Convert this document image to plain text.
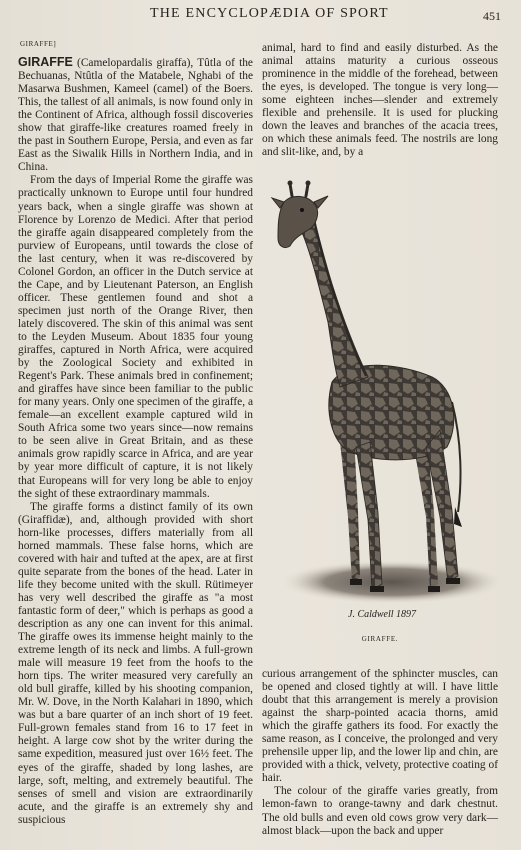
THE ENCYCLOPÆDIA OF SPORT	451
GIRAFFE]

GIRAFFE (Camelopardalis giraffa), Tûtla of the Bechuanas, Ntûtla of the Matabele, Nghabi of the Masarwa Bushmen, Kameel (camel) of the Boers. This, the tallest of all animals, is now found only in the Continent of Africa, although fossil discoveries show that giraffe-like creatures roamed freely in the past in Southern Europe, Persia, and even as far East as the Siwalik Hills in Northern India, and in China.

From the days of Imperial Rome the giraffe was practically unknown to Europe until four hundred years back, when a single giraffe was shown at Florence by Lorenzo de Medici. After that period the giraffe again disappeared completely from the purview of Europeans, until towards the close of the last century, when it was re-discovered by Colonel Gordon, an officer in the Dutch service at the Cape, and by Lieutenant Paterson, an English officer. These gentlemen found and shot a specimen just north of the Orange River, then lately discovered. The skin of this animal was sent to the Leyden Museum. About 1835 four young giraffes, captured in North Africa, were acquired by the Zoological Society and exhibited in Regent's Park. These animals bred in confinement; and giraffes have since been familiar to the public for many years. Only one specimen of the giraffe, a female—an excellent example captured wild in South Africa some two years since—now remains to be seen alive in Great Britain, and as these animals grow rapidly scarce in Africa, and are year by year more difficult of capture, it is not likely that Europeans will for very long be able to enjoy the sight of these extraordinary mammals.

The giraffe forms a distinct family of its own (Giraffidæ), and, although provided with short horn-like processes, differs materially from all horned mammals. These false horns, which are covered with hair and tufted at the apex, are at first quite separate from the bones of the head. Later in life they become united with the skull. Rütimeyer has very well described the giraffe as "a most fantastic form of deer," which is perhaps as good a description as any one can invent for this animal. The giraffe owes its immense height mainly to the extreme length of its neck and limbs. A full-grown male will measure 19 feet from the hoofs to the horn tips. The writer measured very carefully an old bull giraffe, killed by his shooting companion, Mr. W. Dove, in the North Kalahari in 1890, which was but a bare quarter of an inch short of 19 feet. Full-grown females stand from 16 to 17 feet in height. A large cow shot by the writer during the same expedition, measured just over 16½ feet. The eyes of the giraffe, shaded by long lashes, are large, soft, melting, and extremely beautiful. The senses of smell and vision are extraordinarily acute, and the giraffe is an extremely shy and suspicious

animal, hard to find and easily disturbed. As the animal attains maturity a curious osseous prominence in the middle of the forehead, between the eyes, is developed. The tongue is very long—some eighteen inches—slender and extremely flexible and prehensile. It is used for plucking down the leaves and branches of the acacia trees, on which these animals feed. The nostrils are long and slit-like, and, by a

J. Caldwell 1897
GIRAFFE.

curious arrangement of the sphincter muscles, can be opened and closed tightly at will. I have little doubt that this arrangement is merely a provision against the sharp-pointed acacia thorns, amid which the giraffe gathers its food. For exactly the same reason, as I conceive, the prolonged and very prehensile upper lip, and the lower lip and chin, are provided with a thick, velvety, protective coating of hair.

The colour of the giraffe varies greatly, from lemon-fawn to orange-tawny and dark chestnut. The old bulls and even old cows grow very dark—almost black—upon the back and upper
